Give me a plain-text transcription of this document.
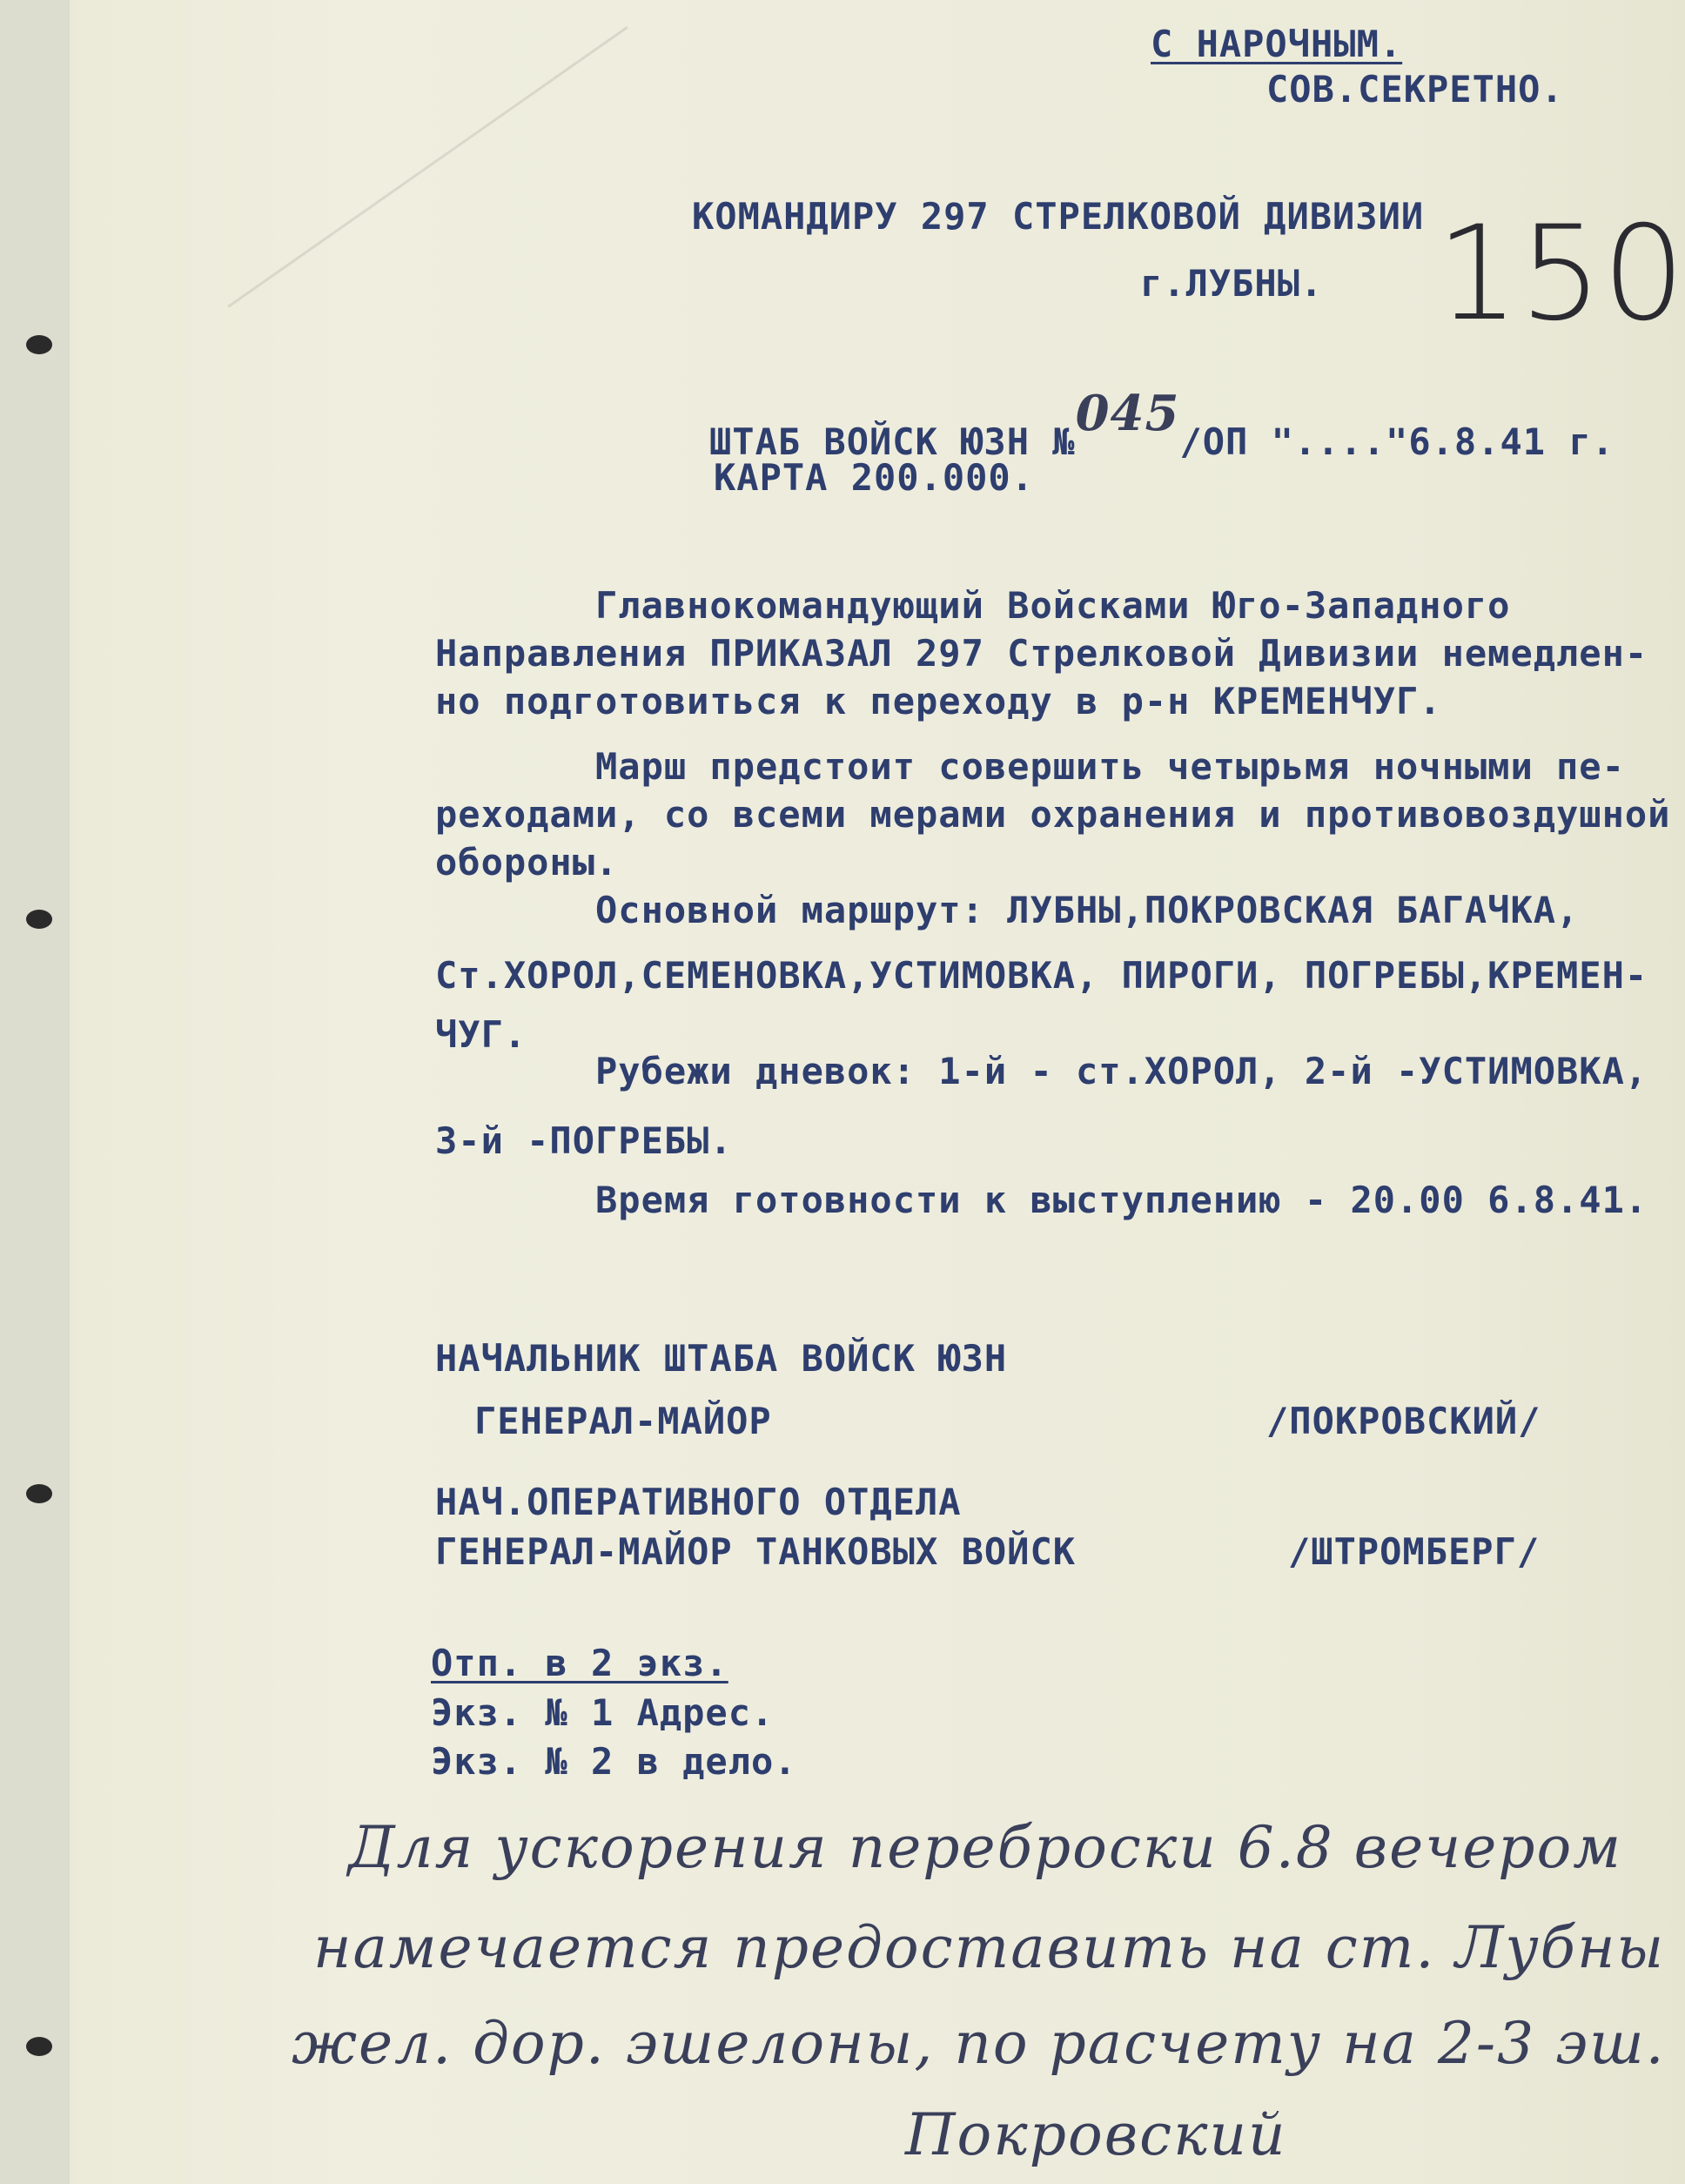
С НАРОЧНЫМ.

СОВ.СЕКРЕТНО.

КОМАНДИРУ 297 СТРЕЛКОВОЙ ДИВИЗИИ

г.ЛУБНЫ. 150

ШТАБ ВОЙСК ЮЗН №045/ОП "...."6.8.41 г.

КАРТА 200.000.

Главнокомандующий Войсками Юго-Западного

Направления ПРИКАЗАЛ 297 Стрелковой Дивизии немедлен-

но подготовиться к переходу в р-н КРЕМЕНЧУГ.

Марш предстоит совершить четырьмя ночными пе-

реходами, со всеми мерами охранения и противовоздушной

обороны.

Основной маршрут: ЛУБНЫ,ПОКРОВСКАЯ БАГАЧКА,

Ст.ХОРОЛ,СЕМЕНОВКА,УСТИМОВКА, ПИРОГИ, ПОГРЕБЫ,КРЕМЕН-

ЧУГ.

Рубежи дневок: 1-й - ст.ХОРОЛ, 2-й -УСТИМОВКА,

3-й -ПОГРЕБЫ.

Время готовности к выступлению - 20.00 6.8.41.

НАЧАЛЬНИК ШТАБА ВОЙСК ЮЗН

ГЕНЕРАЛ-МАЙОР	/ПОКРОВСКИЙ/

НАЧ.ОПЕРАТИВНОГО ОТДЕЛА

ГЕНЕРАЛ-МАЙОР ТАНКОВЫХ ВОЙСК	/ШТРОМБЕРГ/

Отп. в 2 экз.

Экз. № 1 Адрес.

Экз. № 2 в дело.

Для ускорения переброски 6.8 вечером

намечается предоставить на ст. Лубны

жел. дор. эшелоны, по расчету на 2-3 эш.

Покровский
